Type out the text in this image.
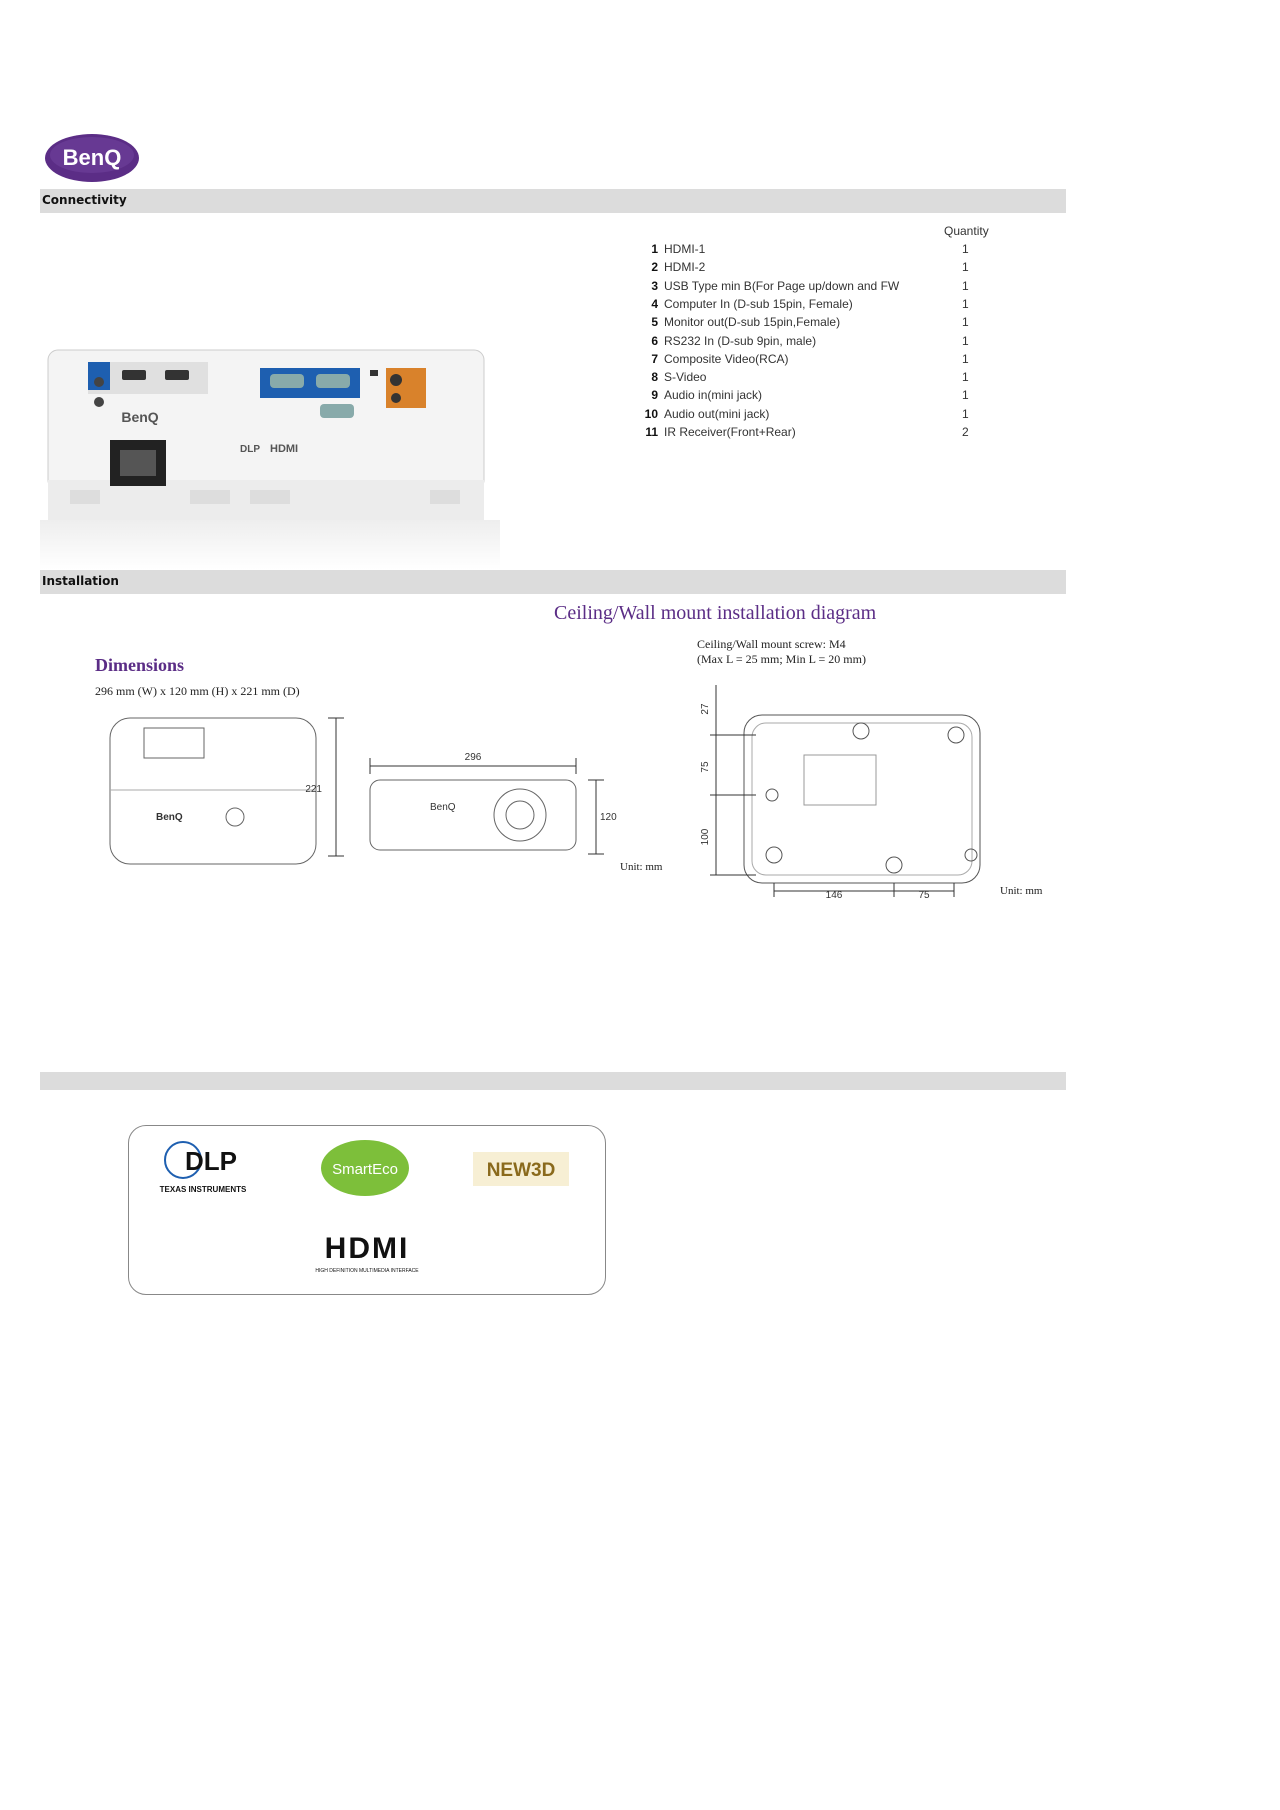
BenQ
Connectivity
Quantity
1 HDMI-1	1
2 HDMI-2	1
3 USB Type min B(For Page up/down and FW	1
4 Computer In (D-sub 15pin, Female)	1
5 Monitor out(D-sub 15pin,Female)	1
6 RS232 In (D-sub 9pin, male)	1
7 Composite Video(RCA)	1
8 S-Video	1
9 Audio in(mini jack)	1
10 Audio out(mini jack)	1
11 IR Receiver(Front+Rear)	2
BenQ
DLP HDMI
Installation
Ceiling/Wall mount installation diagram
Ceiling/Wall mount screw: M4
(Max L = 25 mm; Min L = 20 mm)
Dimensions
296 mm (W) x 120 mm (H) x 221 mm (D)
BenQ
221
BenQ
296
120
Unit: mm
27
75
100
146	75	Unit: mm
DLP
TEXAS INSTRUMENTS
SmartEco	NEW3D
HDMI
HIGH DEFINITION MULTIMEDIA INTERFACE
